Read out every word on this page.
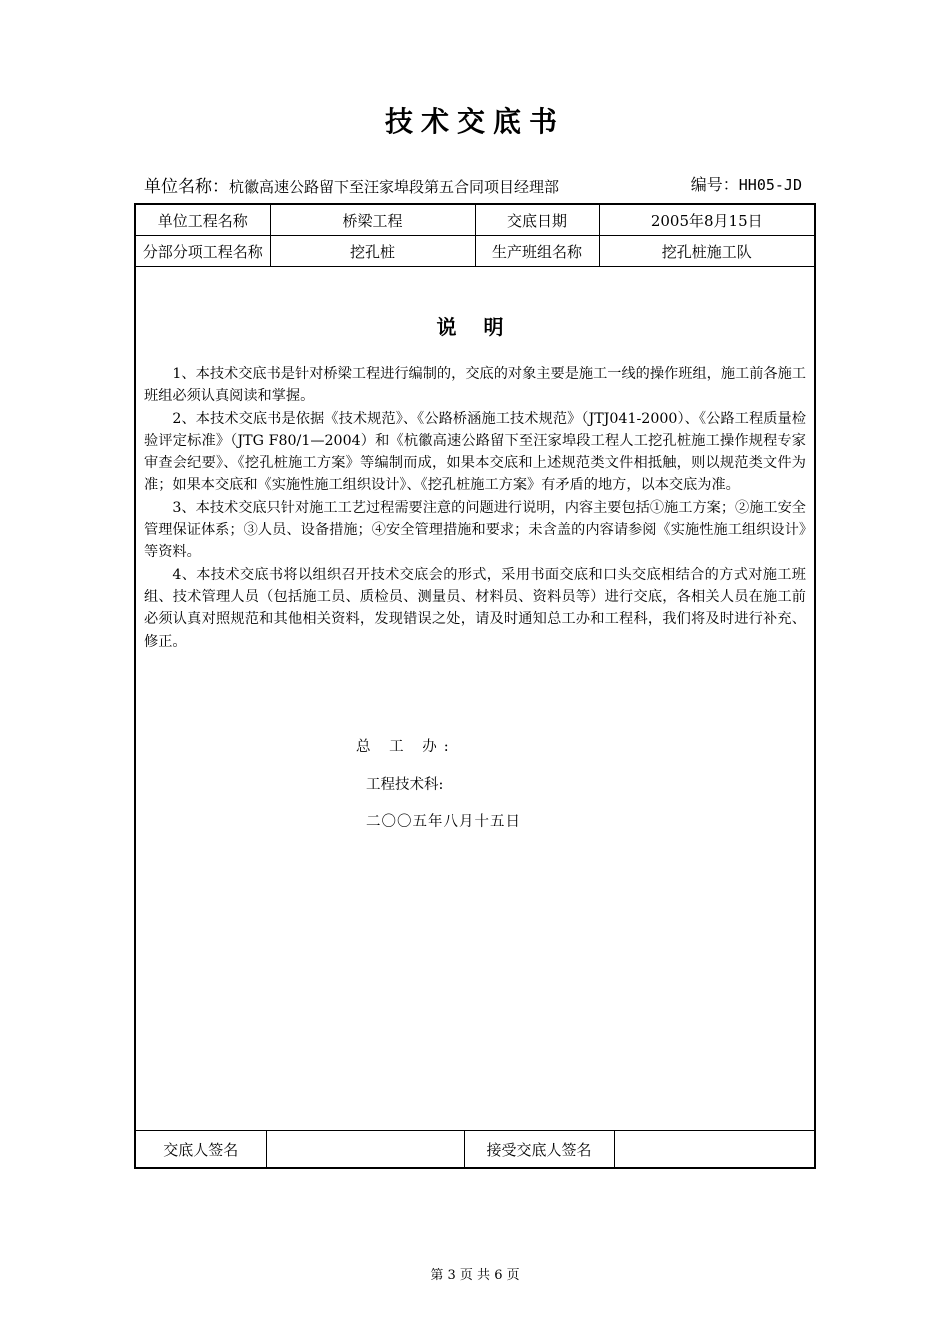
技术交底书
单位名称：杭徽高速公路留下至汪家埠段第五合同项目经理部	编号：HH05-JD
单位工程名称	桥梁工程	交底日期	2005年8月15日
分部分项工程名称	挖孔桩	生产班组名称	挖孔桩施工队
说 明

1、本技术交底书是针对桥梁工程进行编制的，交底的对象主要是施工一线的操作班组，施工前各施工班组必须认真阅读和掌握。

2、本技术交底书是依据《技术规范》、《公路桥涵施工技术规范》（JTJ041-2000）、《公路工程质量检验评定标准》（JTG F80/1—2004）和《杭徽高速公路留下至汪家埠段工程人工挖孔桩施工操作规程专家审查会纪要》、《挖孔桩施工方案》等编制而成，如果本交底和上述规范类文件相抵触，则以规范类文件为准；如果本交底和《实施性施工组织设计》、《挖孔桩施工方案》有矛盾的地方，以本交底为准。

3、本技术交底只针对施工工艺过程需要注意的问题进行说明，内容主要包括①施工方案；②施工安全管理保证体系；③人员、设备措施；④安全管理措施和要求；未含盖的内容请参阅《实施性施工组织设计》等资料。

4、本技术交底书将以组织召开技术交底会的形式，采用书面交底和口头交底相结合的方式对施工班组、技术管理人员（包括施工员、质检员、测量员、材料员、资料员等）进行交底，各相关人员在施工前必须认真对照规范和其他相关资料，发现错误之处，请及时通知总工办和工程科，我们将及时进行补充、修正。

总 工 办:
工程技术科:
二〇〇五年八月十五日
交底人签名		接受交底人签名	
第 3 页 共 6 页
